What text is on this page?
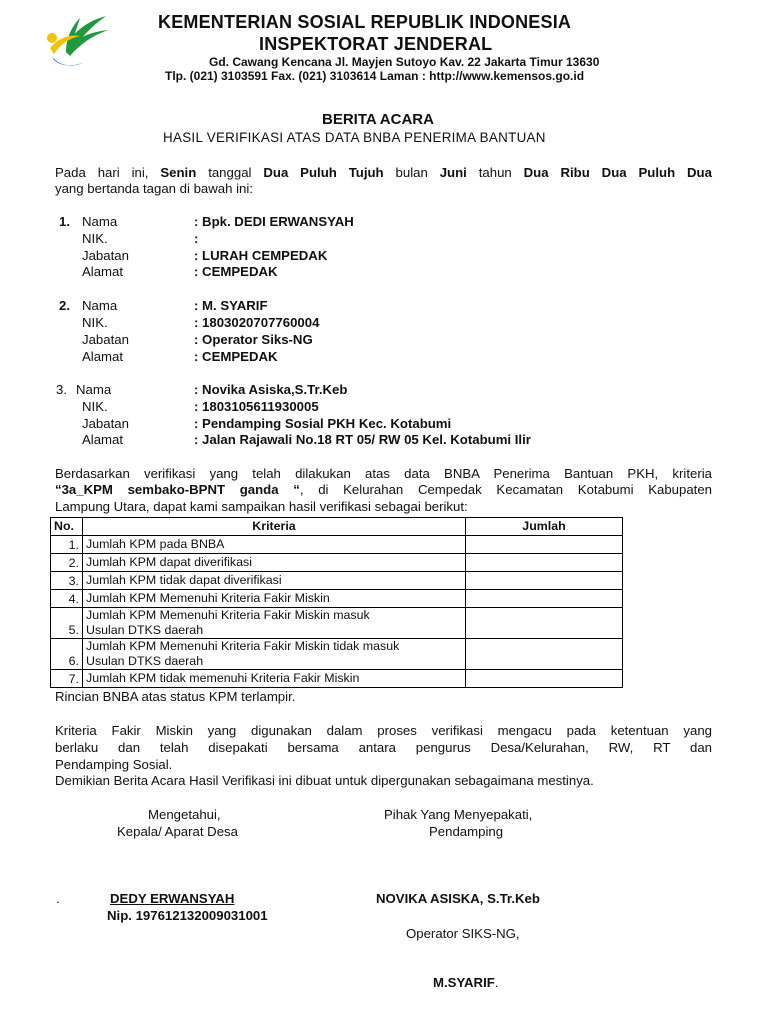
KEMENTERIAN SOSIAL REPUBLIK INDONESIA
INSPEKTORAT JENDERAL
Gd. Cawang Kencana Jl. Mayjen Sutoyo Kav. 22 Jakarta Timur 13630
Tlp. (021) 3103591 Fax. (021) 3103614 Laman : http://www.kemensos.go.id
BERITA ACARA
HASIL VERIFIKASI ATAS DATA BNBA PENERIMA BANTUAN
Pada hari ini, Senin tanggal Dua Puluh Tujuh bulan Juni tahun Dua Ribu Dua Puluh Dua
yang bertanda tagan di bawah ini:
1. Nama	: Bpk. DEDI ERWANSYAH
NIK.	:
Jabatan	: LURAH CEMPEDAK
Alamat	: CEMPEDAK
2. Nama	: M. SYARIF
NIK.	: 1803020707760004
Jabatan	: Operator Siks-NG
Alamat	: CEMPEDAK
3. Nama	: Novika Asiska,S.Tr.Keb
NIK.	: 1803105611930005
Jabatan	: Pendamping Sosial PKH Kec. Kotabumi
Alamat	: Jalan Rajawali No.18 RT 05/ RW 05 Kel. Kotabumi Ilir
Berdasarkan verifikasi yang telah dilakukan atas data BNBA Penerima Bantuan PKH, kriteria
“3a_KPM sembako-BPNT ganda “, di Kelurahan Cempedak Kecamatan Kotabumi Kabupaten
Lampung Utara, dapat kami sampaikan hasil verifikasi sebagai berikut:
No.	Kriteria	Jumlah
1.	Jumlah KPM pada BNBA	
2.	Jumlah KPM dapat diverifikasi	
3.	Jumlah KPM tidak dapat diverifikasi	
4.	Jumlah KPM Memenuhi Kriteria Fakir Miskin	
5.	Jumlah KPM Memenuhi Kriteria Fakir Miskin masuk
Usulan DTKS daerah	

6.	Jumlah KPM Memenuhi Kriteria Fakir Miskin tidak masuk
Usulan DTKS daerah	

7.	Jumlah KPM tidak memenuhi Kriteria Fakir Miskin	
Rincian BNBA atas status KPM terlampir.
Kriteria Fakir Miskin yang digunakan dalam proses verifikasi mengacu pada ketentuan yang
berlaku dan telah disepakati bersama antara pengurus Desa/Kelurahan, RW, RT dan
Pendamping Sosial.
Demikian Berita Acara Hasil Verifikasi ini dibuat untuk dipergunakan sebagaimana mestinya.
Mengetahui,
Kepala/ Aparat Desa
Pihak Yang Menyepakati,
Pendamping
.	DEDY ERWANSYAH
Nip. 197612132009031001
NOVIKA ASISKA, S.Tr.Keb
Operator SIKS-NG,
M.SYARIF.
